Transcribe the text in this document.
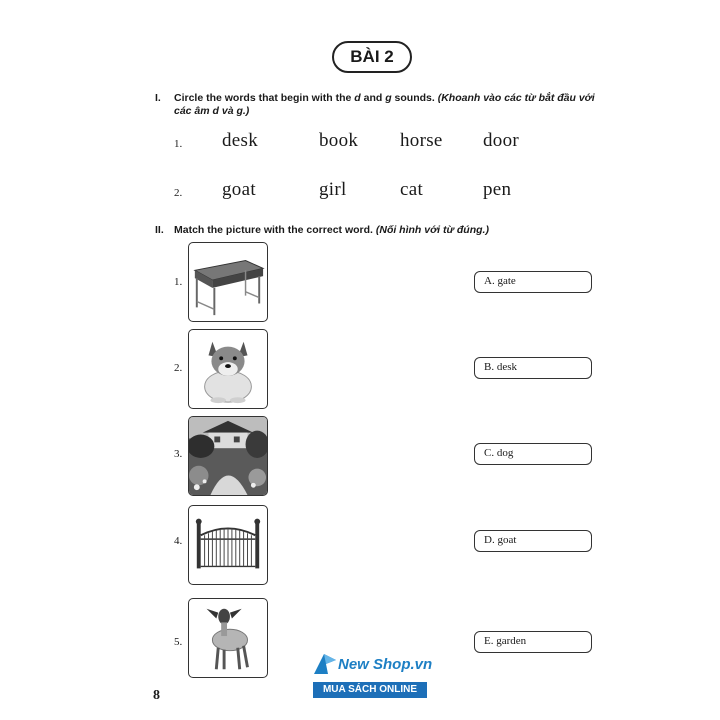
BÀI 2
I. Circle the words that begin with the d and g sounds. (Khoanh vào các từ bắt đầu với
các âm d và g.)
1. desk	book horse door
2. goat	girl	cat	pen
II. Match the picture with the correct word. (Nối hình với từ đúng.)
1.
2.
3.
4.
5.
A. gate
B. desk
C. dog
D. goat
E. garden
New Shop.vn
MUA SÁCH ONLINE
8
